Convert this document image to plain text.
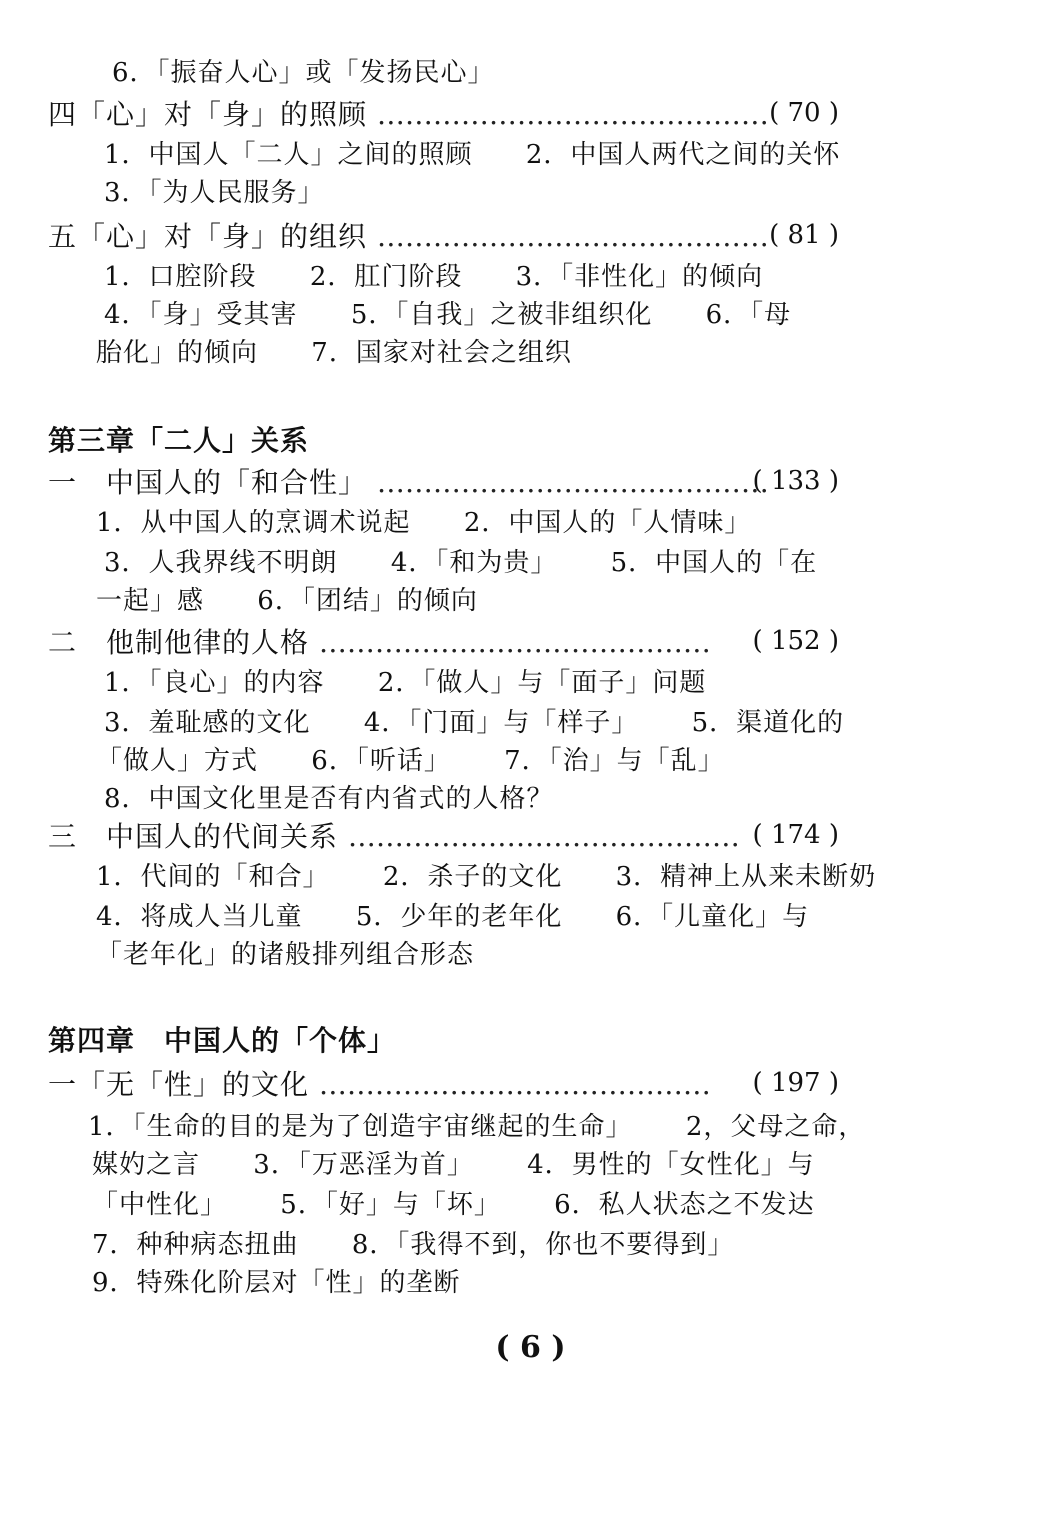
6．「振奋人心」或「发扬民心」
四「心」对「身」的照顾 …………………………………… ( 70 )
1．中国人「二人」之间的照顾 2．中国人两代之间的关怀
3．「为人民服务」
五「心」对「身」的组织 …………………………………… ( 81 )
1．口腔阶段 2．肛门阶段 3．「非性化」的倾向
4．「身」受其害 5．「自我」之被非组织化 6．「母
胎化」的倾向 7．国家对社会之组织
第三章「二人」关系
一　中国人的「和合性」 ……………………………………
( 133 )
1．从中国人的烹调术说起 2．中国人的「人情味」
3．人我界线不明朗 4．「和为贵」 5．中国人的「在
一起」感 6．「团结」的倾向
二　他制他律的人格 …………………………………… ( 152 )
1．「良心」的内容 2．「做人」与「面子」问题
3．羞耻感的文化 4．「门面」与「样子」 5．渠道化的
「做人」方式 6．「听话」 7．「治」与「乱」
8．中国文化里是否有内省式的人格？
三　中国人的代间关系 …………………………………… ( 174 )
1．代间的「和合」 2．杀子的文化 3．精神上从来未断奶
4．将成人当儿童 5．少年的老年化 6．「儿童化」与
「老年化」的诸般排列组合形态
第四章　中国人的「个体」
一「无「性」的文化 …………………………………… ( 197 )
1．「生命的目的是为了创造宇宙继起的生命」 2，父母之命，
媒妁之言 3．「万恶淫为首」 4．男性的「女性化」与
「中性化」 5．「好」与「坏」 6．私人状态之不发达
7．种种病态扭曲 8．「我得不到，你也不要得到」
9．特殊化阶层对「性」的垄断
( 6 )
